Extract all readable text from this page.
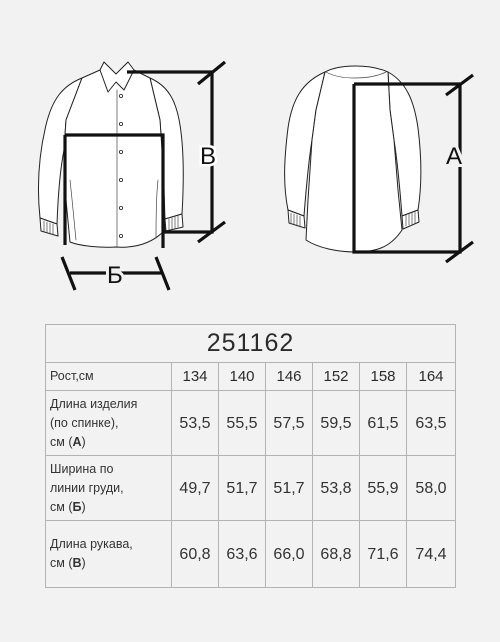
В
Б
А
251162						
Рост,см	134	140	146	152	158	164
Длина изделия
(по спинке),
см (А)	53,5	55,5	57,5	59,5	61,5	63,5
Ширина по
линии груди,
см (Б)	49,7	51,7	51,7	53,8	55,9	58,0
Длина рукава,
см (В)	60,8	63,6	66,0	68,8	71,6	74,4
